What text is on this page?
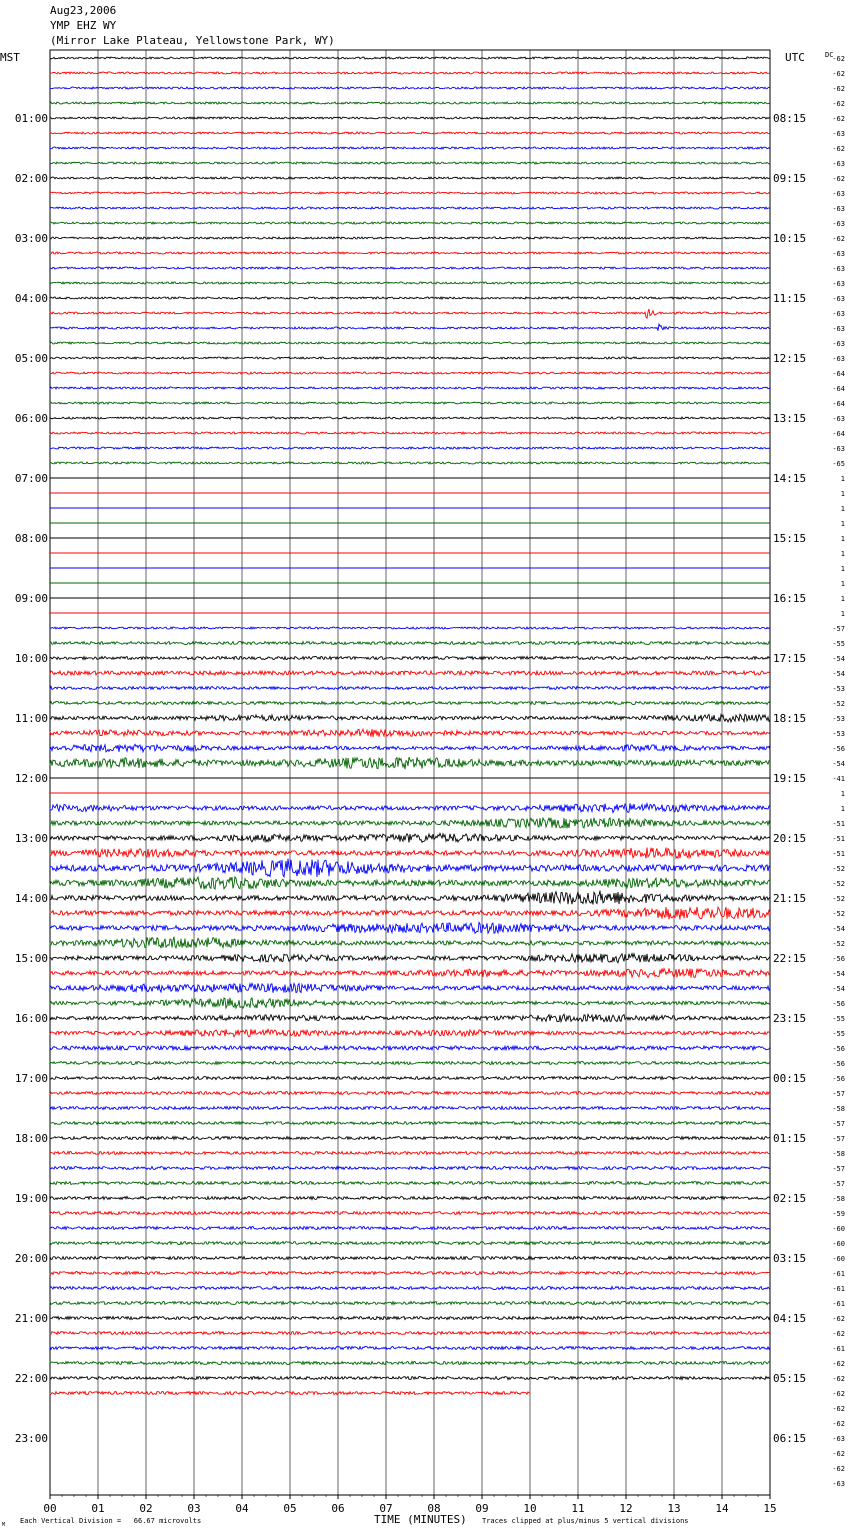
Aug23,2006
YMP EHZ WY
(Mirror Lake Plateau, Yellowstone Park, WY)
MST	UTC	DC
TIME (MINUTES)
Each Vertical Division =   66.67 microvolts	Traces clipped at plus/minus 5 vertical divisions
M
00	01	02	03	04	05	06	07	08	09	10	11	12	13	14	15
01:00	08:15
02:00	09:15
03:00	10:15
04:00	11:15
05:00	12:15
06:00	13:15
07:00	14:15
08:00	15:15
09:00	16:15
10:00	17:15
11:00	18:15
12:00	19:15
13:00	20:15
14:00	21:15
15:00	22:15
16:00	23:15
17:00	00:15
18:00	01:15
19:00	02:15
20:00	03:15
21:00	04:15
22:00	05:15
23:00	06:15
-62
-62
-62
-62
-62
-63
-62
-63
-62
-63
-63
-63
-62
-63
-63
-63
-63
-63
-63
-63
-63
-64
-64
-64
-63
-64
-63
-65
1
1
1
1
1
1
1
1
1
1
-57
-55
-54
-54
-53
-52
-53
-53
-56
-54
-41
1
1
-51
-51
-51
-52
-52
-52
-52
-54
-52
-56
-54
-54
-56
-55
-55
-56
-56
-56
-57
-58
-57
-57
-58
-57
-57
-58
-59
-60
-60
-60
-61
-61
-61
-62
-62
-61
-62
-62
-62
-62
-62
-63
-62
-62
-63
